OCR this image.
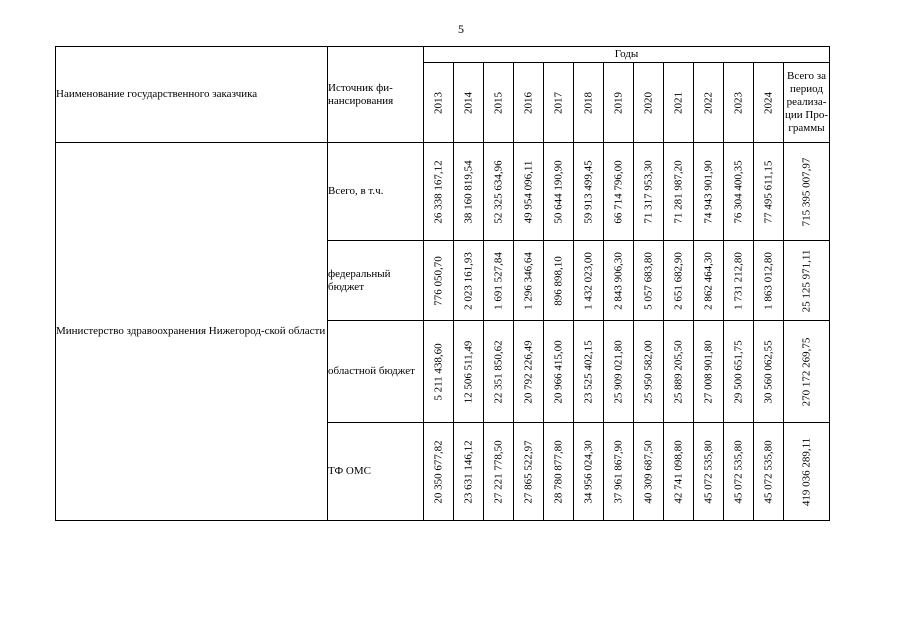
5
Наименование государственного заказчика	Источник фи-нансирования	Годы												

		2013	2014	2015	2016	2017	2018	2019	2020	2021	2022	2023	2024	Всего за период реализа-ции Про-граммы
Министерство здравоохранения Нижегород-ской области	Всего, в т.ч.	26 338 167,12	38 160 819,54	52 325 634,96	49 954 096,11	50 644 190,90	59 913 499,45	66 714 796,00	71 317 953,30	71 281 987,20	74 943 901,90	76 304 400,35	77 495 611,15	715 395 007,97

	федеральный бюджет	776 050,70	2 023 161,93	1 691 527,84	1 296 346,64	896 898,10	1 432 023,00	2 843 906,30	5 057 683,80	2 651 682,90	2 862 464,30	1 731 212,80	1 863 012,80	25 125 971,11

	областной бюджет	5 211 438,60	12 506 511,49	22 351 850,62	20 792 226,49	20 966 415,00	23 525 402,15	25 909 021,80	25 950 582,00	25 889 205,50	27 008 901,80	29 500 651,75	30 560 062,55	270 172 269,75

	ТФ ОМС	20 350 677,82	23 631 146,12	27 221 778,50	27 865 522,97	28 780 877,80	34 956 024,30	37 961 867,90	40 309 687,50	42 741 098,80	45 072 535,80	45 072 535,80	45 072 535,80	419 036 289,11
